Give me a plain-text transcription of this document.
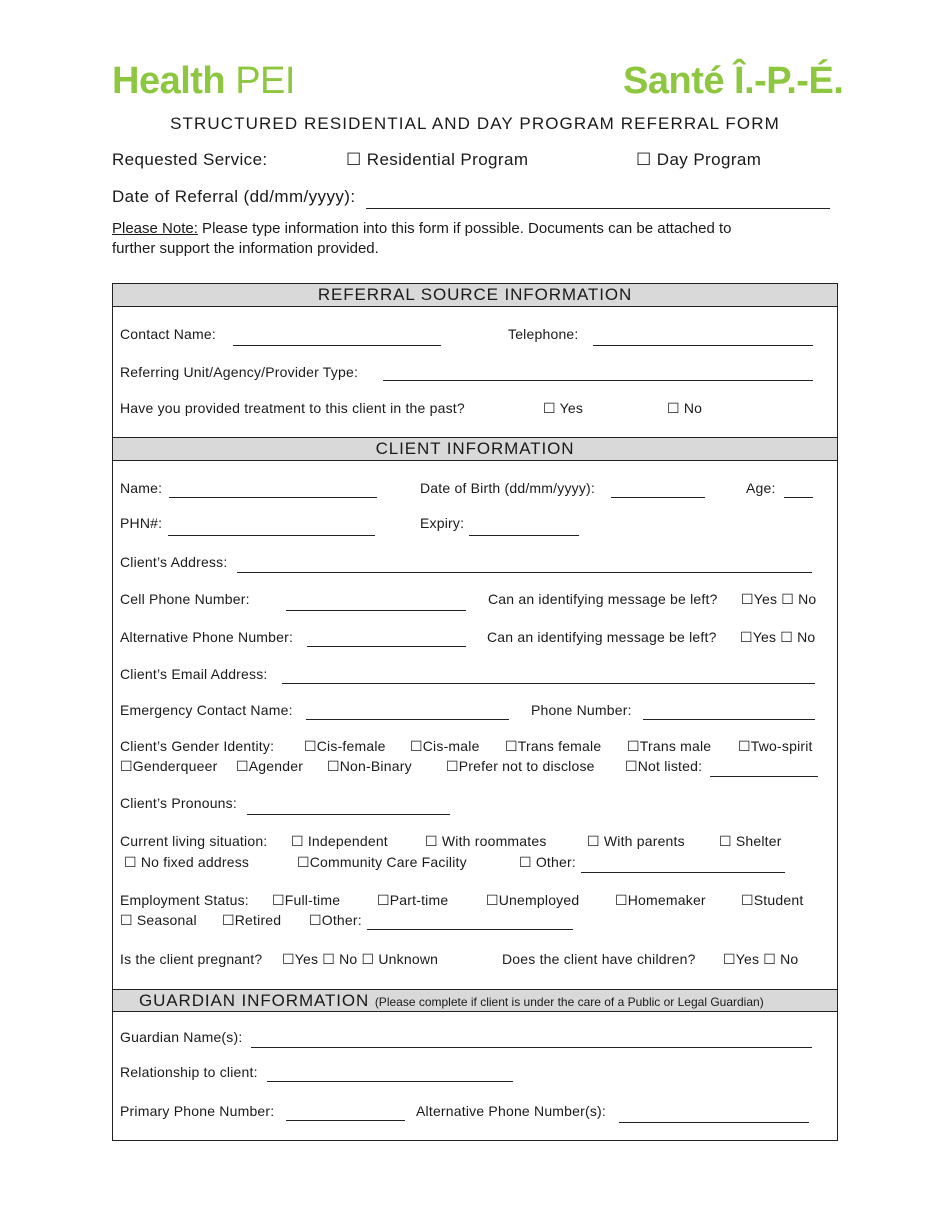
Health PEI	Santé Î.-P.-É.
STRUCTURED RESIDENTIAL AND DAY PROGRAM REFERRAL FORM
Requested Service:	☐ Residential Program	☐ Day Program
Date of Referral (dd/mm/yyyy):
Please Note: Please type information into this form if possible. Documents can be attached to
further support the information provided.
REFERRAL SOURCE INFORMATION
Contact Name:	Telephone:
Referring Unit/Agency/Provider Type:
Have you provided treatment to this client in the past?	☐ Yes	☐ No
CLIENT INFORMATION
Name:	Date of Birth (dd/mm/yyyy):	Age:
PHN#:	Expiry:
Client’s Address:
Cell Phone Number:	Can an identifying message be left? ☐Yes ☐ No
Alternative Phone Number:	Can an identifying message be left? ☐Yes ☐ No
Client’s Email Address:
Emergency Contact Name:	Phone Number:
Client’s Gender Identity: ☐Cis-female ☐Cis-male ☐Trans female ☐Trans male ☐Two-spirit
☐Genderqueer ☐Agender ☐Non-Binary ☐Prefer not to disclose ☐Not listed:
Client’s Pronouns:
Current living situation: ☐ Independent	☐ With roommates	☐ With parents ☐ Shelter
☐ No fixed address	☐Community Care Facility	☐ Other:
Employment Status: ☐Full-time	☐Part-time	☐Unemployed	☐Homemaker	☐Student
☐ Seasonal ☐Retired ☐Other:
Is the client pregnant? ☐Yes ☐ No ☐ Unknown	Does the client have children? ☐Yes ☐ No
GUARDIAN INFORMATION (Please complete if client is under the care of a Public or Legal Guardian)
Guardian Name(s):
Relationship to client:
Primary Phone Number:	Alternative Phone Number(s):
